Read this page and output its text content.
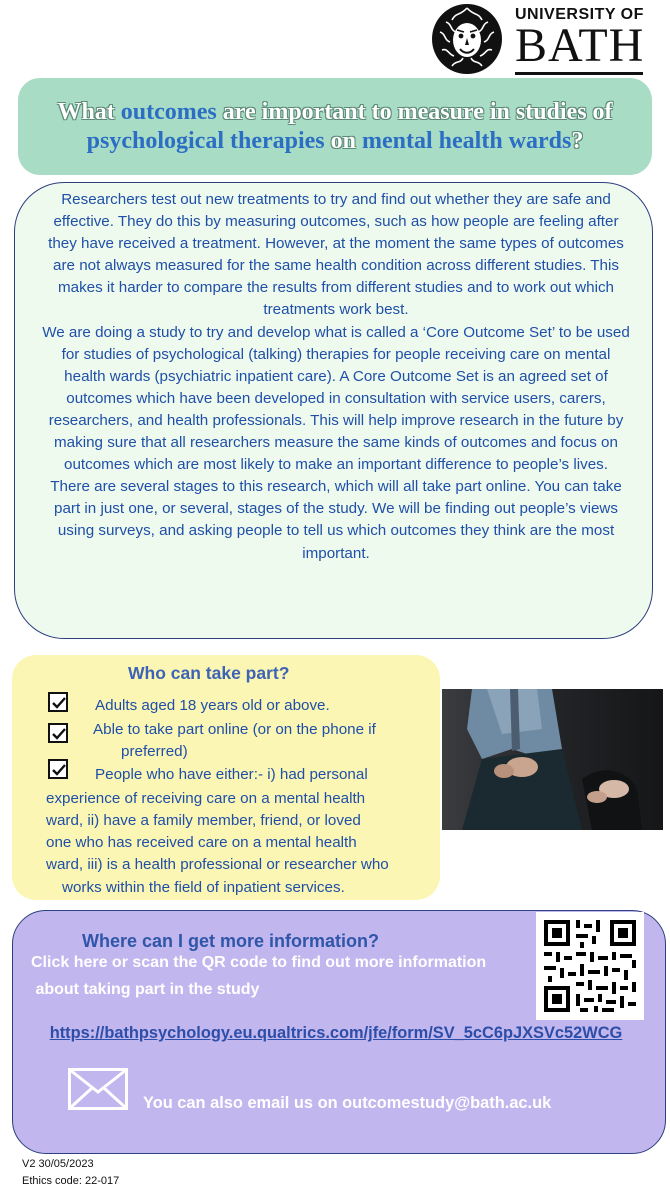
UNIVERSITY OF
BATH
What outcomes are important to measure in studies of psychological therapies on mental health wards?

Researchers test out new treatments to try and find out whether they are safe and effective. They do this by measuring outcomes, such as how people are feeling after they have received a treatment. However, at the moment the same types of outcomes are not always measured for the same health condition across different studies. This makes it harder to compare the results from different studies and to work out which treatments work best.

We are doing a study to try and develop what is called a ‘Core Outcome Set’ to be used for studies of psychological (talking) therapies for people receiving care on mental health wards (psychiatric inpatient care). A Core Outcome Set is an agreed set of outcomes which have been developed in consultation with service users, carers, researchers, and health professionals. This will help improve research in the future by making sure that all researchers measure the same kinds of outcomes and focus on outcomes which are most likely to make an important difference to people’s lives.

There are several stages to this research, which will all take part online. You can take part in just one, or several, stages of the study. We will be finding out people’s views using surveys, and asking people to tell us which outcomes they think are the most important.

Who can take part?
Adults aged 18 years old or above.
Able to take part online (or on the phone if
preferred)
People who have either:- i) had personal
experience of receiving care on a mental health
ward, ii) have a family member, friend, or loved
one who has received care on a mental health
ward, iii) is a health professional or researcher who
works within the field of inpatient services.
Where can I get more information?
Click here or scan the QR code to find out more information
about taking part in the study
https://bathpsychology.eu.qualtrics.com/jfe/form/SV_5cC6pJXSVc52WCG
You can also email us on outcomestudy@bath.ac.uk
V2 30/05/2023
Ethics code: 22-017
